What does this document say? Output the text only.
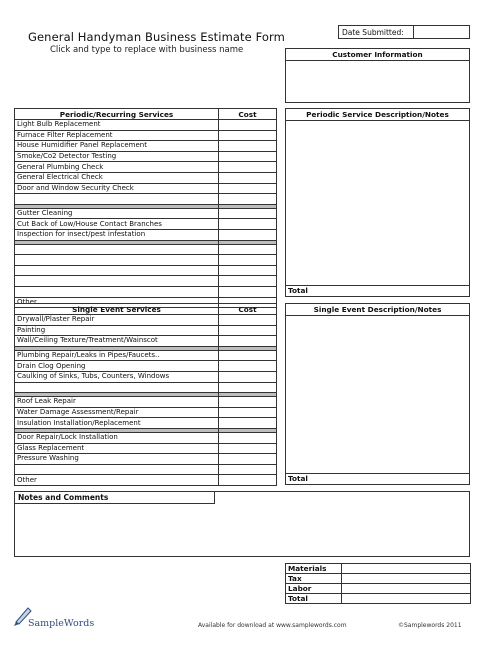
General Handyman Business Estimate Form
Click and type to replace with business name
Date Submitted:
Customer Information
Periodic/Recurring Services	Cost
Light Bulb Replacement	
Furnace Filter Replacement	
House Humidifier Panel Replacement	
Smoke/Co2 Detector Testing	
General Plumbing Check	
General Electrical Check	
Door and Window Security Check	

Gutter Cleaning	
Cut Back of Low/House Contact Branches	
Inspection for insect/pest infestation	

Other	
Periodic Service Description/Notes
Total
Single Event Services	Cost
Drywall/Plaster Repair	
Painting	
Wall/Ceiling Texture/Treatment/Wainscot	

Plumbing Repair/Leaks in Pipes/Faucets..	
Drain Clog Opening	
Caulking of Sinks, Tubs, Counters, Windows	

Roof Leak Repair	
Water Damage Assessment/Repair	
Insulation Installation/Replacement	

Door Repair/Lock Installation	
Glass Replacement	
Pressure Washing	

Other	
Single Event Description/Notes
Total
Notes and Comments
Materials	
Tax	
Labor	
Total	
SampleWords	Available for download at www.samplewords.com	©Samplewords 2011
